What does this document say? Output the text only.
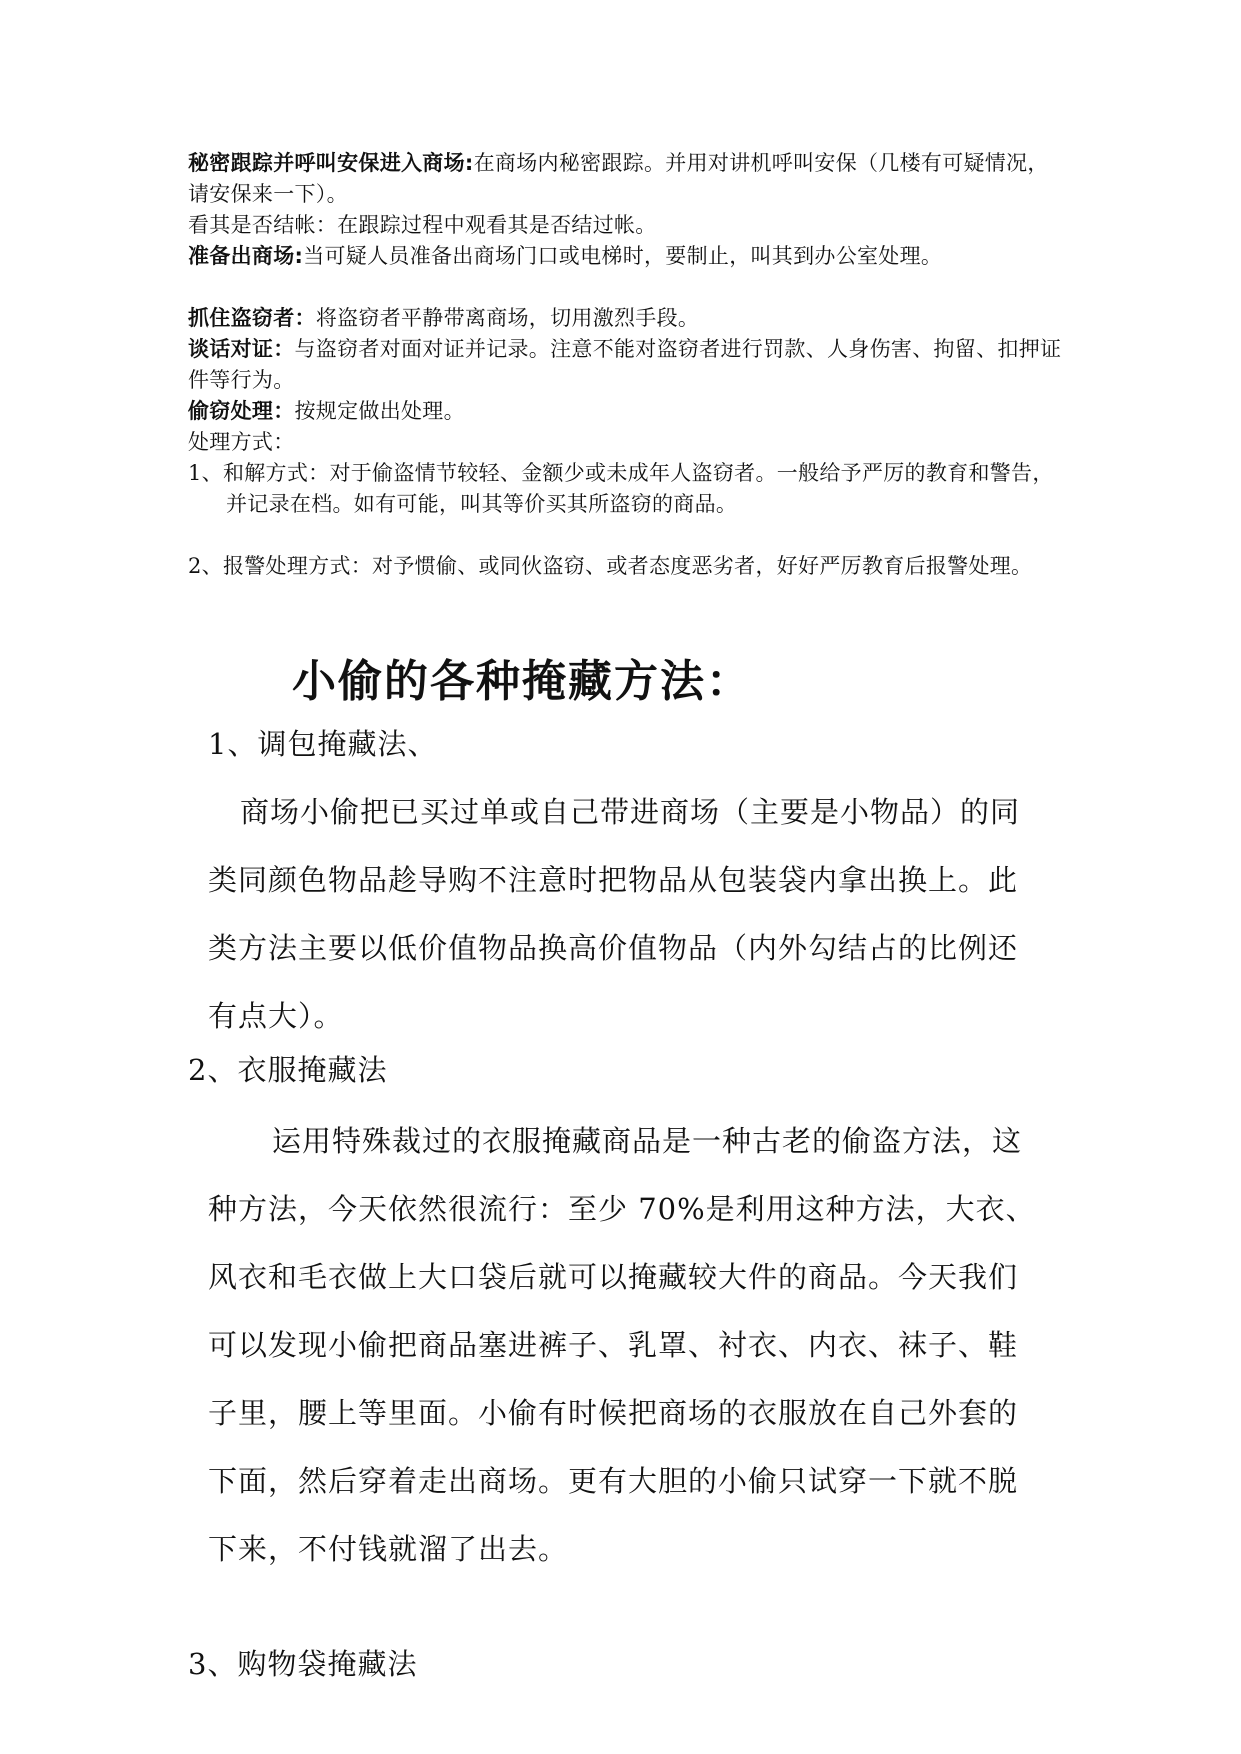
秘密跟踪并呼叫安保进入商场:在商场内秘密跟踪。并用对讲机呼叫安保（几楼有可疑情况，请安保来一下）。

看其是否结帐：在跟踪过程中观看其是否结过帐。

准备出商场:当可疑人员准备出商场门口或电梯时，要制止，叫其到办公室处理。

抓住盗窃者：将盗窃者平静带离商场，切用激烈手段。

谈话对证：与盗窃者对面对证并记录。注意不能对盗窃者进行罚款、人身伤害、拘留、扣押证件等行为。

偷窃处理：按规定做出处理。

处理方式：

1、和解方式：对于偷盗情节较轻、金额少或未成年人盗窃者。一般给予严厉的教育和警告，并记录在档。如有可能，叫其等价买其所盗窃的商品。

2、报警处理方式：对予惯偷、或同伙盗窃、或者态度恶劣者，好好严厉教育后报警处理。

小偷的各种掩藏方法：

1、调包掩藏法、

商场小偷把已买过单或自己带进商场（主要是小物品）的同类同颜色物品趁导购不注意时把物品从包装袋内拿出换上。此类方法主要以低价值物品换高价值物品（内外勾结占的比例还有点大）。

2、衣服掩藏法

运用特殊裁过的衣服掩藏商品是一种古老的偷盗方法，这种方法，今天依然很流行：至少 70%是利用这种方法，大衣、风衣和毛衣做上大口袋后就可以掩藏较大件的商品。今天我们可以发现小偷把商品塞进裤子、乳罩、衬衣、内衣、袜子、鞋子里，腰上等里面。小偷有时候把商场的衣服放在自己外套的下面，然后穿着走出商场。更有大胆的小偷只试穿一下就不脱下来，不付钱就溜了出去。

3、购物袋掩藏法
